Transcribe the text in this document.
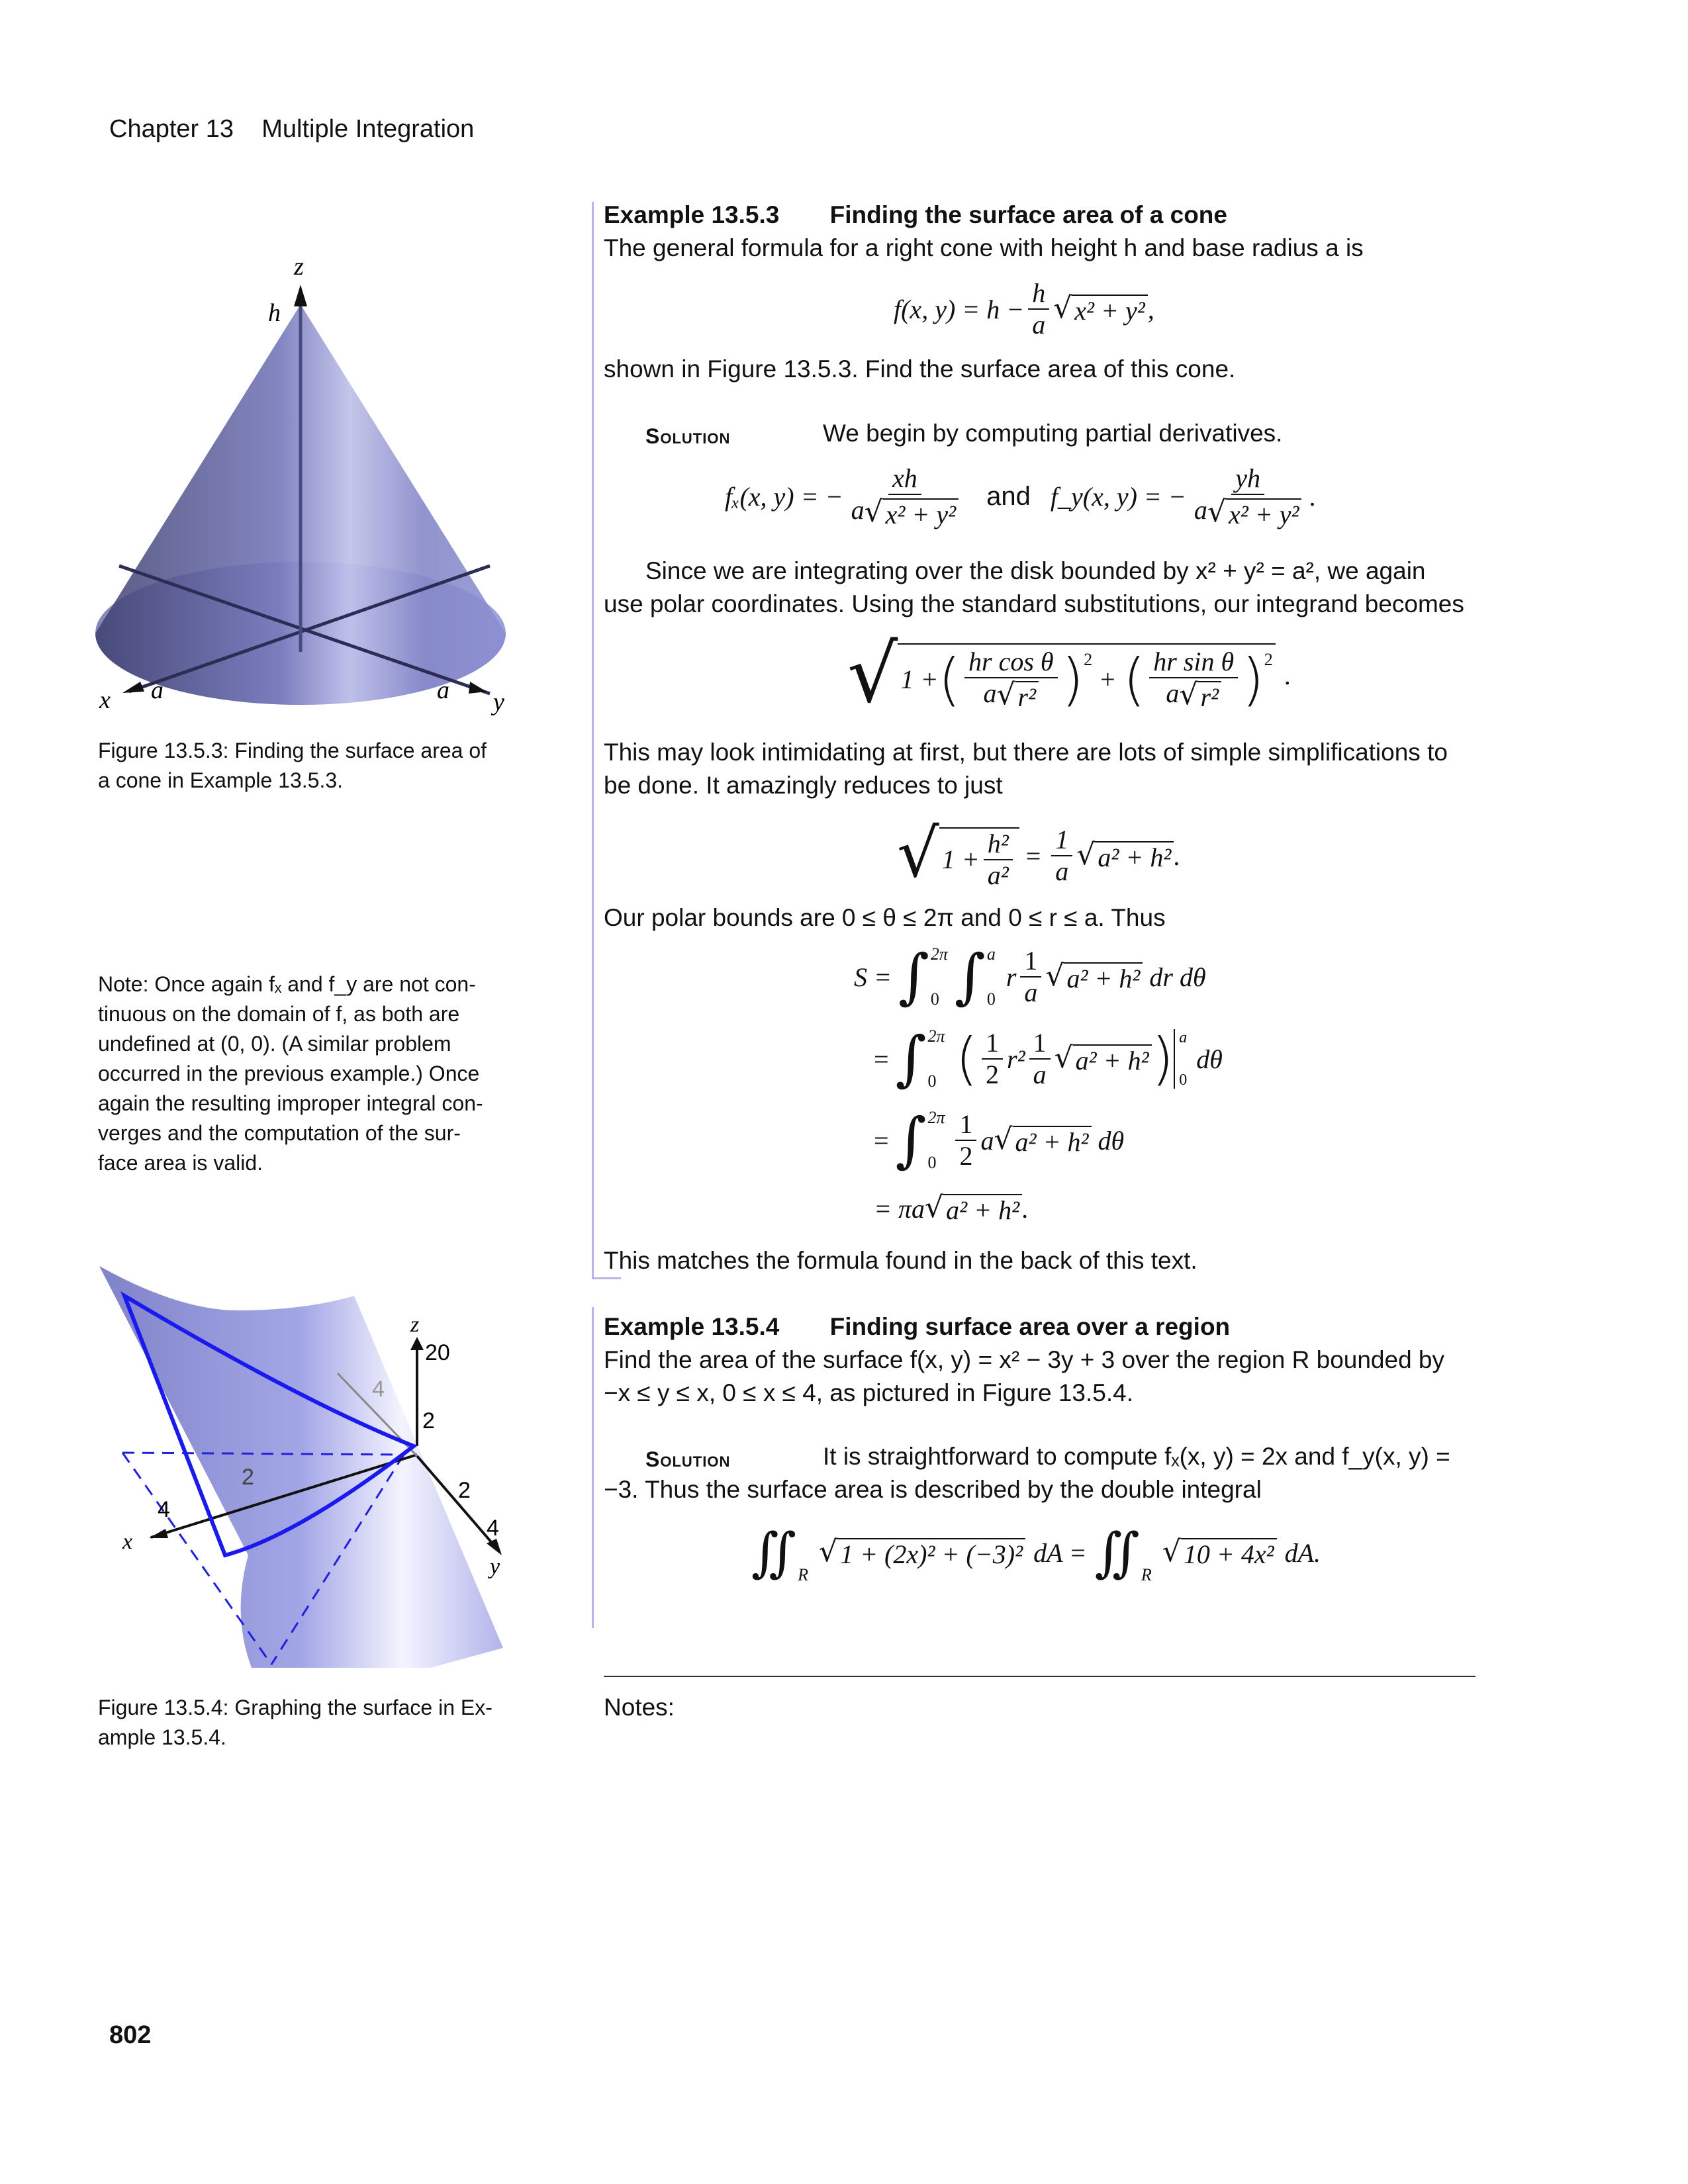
Chapter 13 Multiple Integration
Example 13.5.3 Finding the surface area of a cone
The general formula for a right cone with height h and base radius a is
f(x, $y) = h - \frac{h}{a}$ √ x² + y² ,
shown in Figure 13.5.3. Find the surface area of this cone.
Solution	We begin by computing partial derivatives.
fₓ(x, y) = − $\frac{xh}{\text{a √ x² + y²}}$ and f_y(x, y) = − $\frac{yh}{\text{a √ x² + y²}}$ .
Since we are integrating over the disk bounded by x² + y² = a², we again
use polar coordinates. Using the standard substitutions, our integrand becomes
√ 1 + ( $\frac{\text{hr cos θ}}{\text{a √ r²}}$ ) 2
+ ( $\frac{\text{hr sin θ}}{\text{a √ r²}}$ ) 2
.
This may look intimidating at first, but there are lots of simple simplifications to
be done. It amazingly reduces to just
√ $1 + \frac{\text{h²}}{\text{a²}} = \frac{1}{a}$ √ a² + h² .
Our polar bounds are 0 ≤ θ ≤ 2π and 0 ≤ r ≤ a. Thus
S = ∫ 2π
0 ∫ a
0
r $\frac{1}{a}$ √ a² + h² dr dθ
= ∫ 2π
0 ( $\frac{1}{2} r^2 \frac{1}{a}$ √ a² + h² ) a
0
dθ
= ∫ 2π
$0 \frac{1}{2}$ a √ a² + h² dθ
= πa √ a² + h² .
This matches the formula found in the back of this text.
Example 13.5.4 Finding surface area over a region
Find the area of the surface f(x, y) = x² − 3y + 3 over the region R bounded by
−x ≤ y ≤ x, 0 ≤ x ≤ 4, as pictured in Figure 13.5.4.
Solution	It is straightforward to compute fₓ(x, y) = 2x and f_y(x, y) =
−3. Thus the surface area is described by the double integral
∬ R
√ 1 + (2x)² + (−3)² dA = ∬ R
√ 10 + 4x² dA.
Notes:
z
h
x a	a y
Figure 13.5.3: Finding the surface area of
a cone in Example 13.5.3.
Note: Once again fₓ and f_y are not con-
tinuous on the domain of f, as both are
undefined at (0, 0). (A similar problem
occurred in the previous example.) Once
again the resulting improper integral con-
verges and the computation of the sur-
face area is valid.
z
20
4
2
x
4
2
2
4
y
Figure 13.5.4: Graphing the surface in Ex-
ample 13.5.4.
802
